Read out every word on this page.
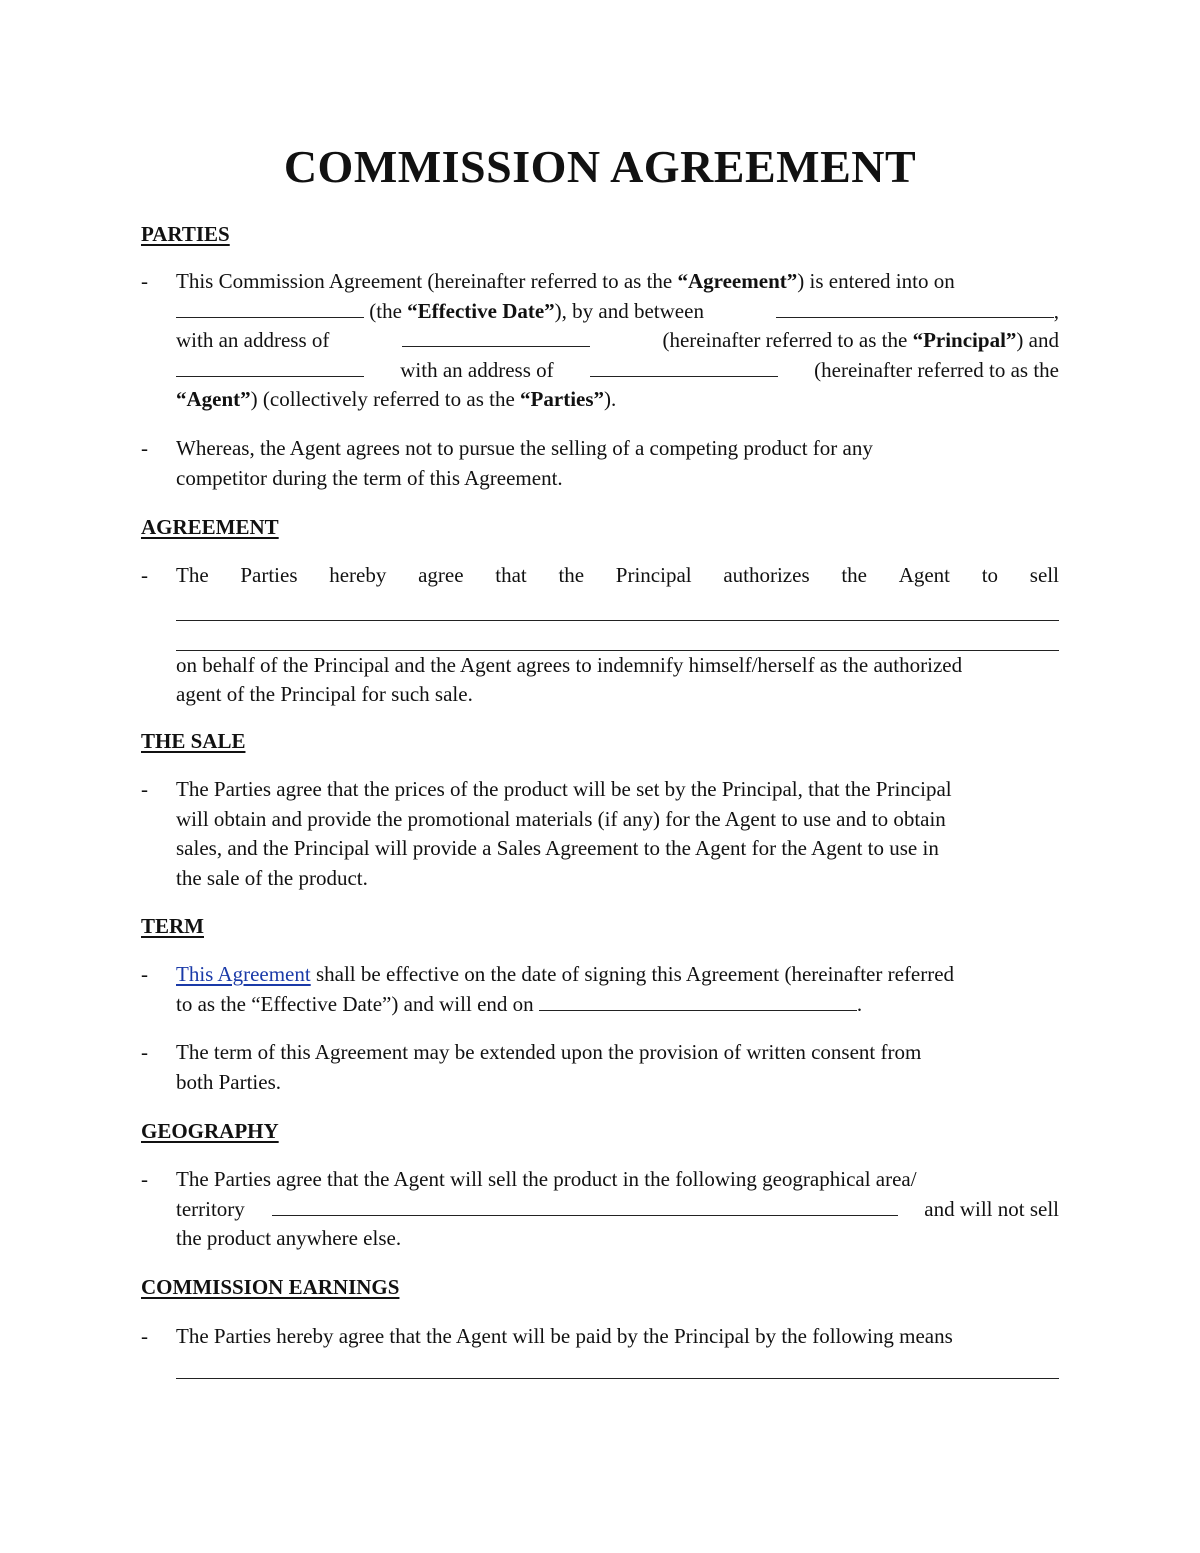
COMMISSION AGREEMENT
PARTIES
-	This Commission Agreement (hereinafter referred to as the “Agreement”) is entered into on
(the “Effective Date”), by and between	,
with an address of	(hereinafter referred to as the “Principal”) and
with an address of	(hereinafter referred to as the
“Agent”) (collectively referred to as the “Parties”).
-	Whereas, the Agent agrees not to pursue the selling of a competing product for any
competitor during the term of this Agreement.
AGREEMENT
-	The Parties hereby agree that the Principal authorizes the Agent to sell
on behalf of the Principal and the Agent agrees to indemnify himself/herself as the authorized
agent of the Principal for such sale.
THE SALE
-	The Parties agree that the prices of the product will be set by the Principal, that the Principal
will obtain and provide the promotional materials (if any) for the Agent to use and to obtain
sales, and the Principal will provide a Sales Agreement to the Agent for the Agent to use in
the sale of the product.
TERM
-	This Agreement shall be effective on the date of signing this Agreement (hereinafter referred
to as the “Effective Date”) and will end on	.
-	The term of this Agreement may be extended upon the provision of written consent from
both Parties.
GEOGRAPHY
-	The Parties agree that the Agent will sell the product in the following geographical area/
territory	and will not sell
the product anywhere else.
COMMISSION EARNINGS
-	The Parties hereby agree that the Agent will be paid by the Principal by the following means
